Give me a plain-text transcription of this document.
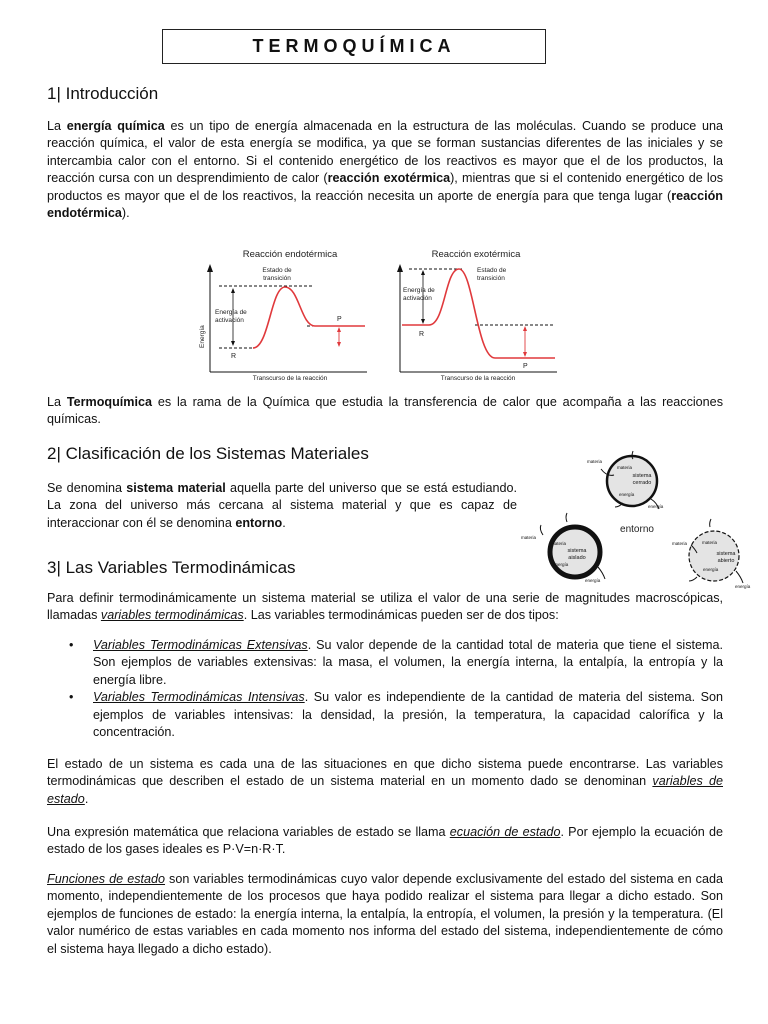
TERMOQUÍMICA
1| Introducción

La energía química es un tipo de energía almacenada en la estructura de las moléculas. Cuando se produce una reacción química, el valor de esta energía se modifica, ya que se forman sustancias diferentes de las iniciales y se intercambia calor con el entorno. Si el contenido energético de los reactivos es mayor que el de los productos, la reacción cursa con un desprendimiento de calor (reacción exotérmica), mientras que si el contenido energético de los productos es mayor que el de los reactivos, la reacción necesita un aporte de energía para que tenga lugar (reacción endotérmica).

Reacción endotérmica
Energía
Transcurso de la reacción
Estado de
transición
Energía de
activación
R
P
Reacción exotérmica
Transcurso de la reacción
Estado de
transición
Energía de
activación
R
P

La Termoquímica es la rama de la Química que estudia la transferencia de calor que acompaña a las reacciones químicas.

2| Clasificación de los Sistemas Materiales

Se denomina sistema material aquella parte del universo que se está estudiando. La zona del universo más cercana al sistema material y que es capaz de interaccionar con él se denomina entorno.

sistema
cerrado
materia
materia
energía
energía
entorno
sistema
aislado
materia
materia
energía
energía
sistema
abierto
materia
materia
energía
energía
3| Las Variables Termodinámicas

Para definir termodinámicamente un sistema material se utiliza el valor de una serie de magnitudes macroscópicas, llamadas variables termodinámicas. Las variables termodinámicas pueden ser de dos tipos:

• Variables Termodinámicas Extensivas. Su valor depende de la cantidad total de materia que tiene el sistema. Son ejemplos de variables extensivas: la masa, el volumen, la energía interna, la entalpía, la entropía y la energía libre.
• Variables Termodinámicas Intensivas. Su valor es independiente de la cantidad de materia del sistema. Son ejemplos de variables intensivas: la densidad, la presión, la temperatura, la capacidad calorífica y la concentración.

El estado de un sistema es cada una de las situaciones en que dicho sistema puede encontrarse. Las variables termodinámicas que describen el estado de un sistema material en un momento dado se denominan variables de estado.

Una expresión matemática que relaciona variables de estado se llama ecuación de estado. Por ejemplo la ecuación de estado de los gases ideales es P·V=n·R·T.

Funciones de estado son variables termodinámicas cuyo valor depende exclusivamente del estado del sistema en cada momento, independientemente de los procesos que haya podido realizar el sistema para llegar a dicho estado. Son ejemplos de funciones de estado: la energía interna, la entalpía, la entropía, el volumen, la presión y la temperatura. (El valor numérico de estas variables en cada momento nos informa del estado del sistema, independientemente de cómo el sistema haya llegado a dicho estado).
